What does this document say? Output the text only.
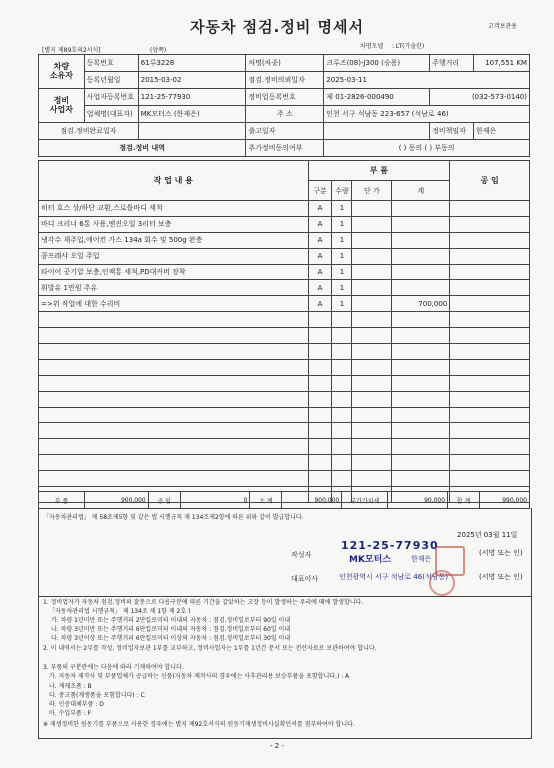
고객보관용
자동차 점검.정비 명세서
[별지 제89호의2서식]	(앞쪽)
차명모델 : LT(가솔린)
차량
소유자	등록번호	61루3228	차명(차종)	크루즈(08)-J300 (승용)	주행거리	107,551 KM
	등록년월일	2015-03-02	점검.정비의뢰일자	2025-03-11		
정비
사업자	사업자등록번호	121-25-77930	정비업등록번호	제 01-2826-000490	(032-573-0140)	
	업체명(대표자)	MK모터스 (한재은)	주 소	인천 서구 석남동 223-657 (석남로 46)		
점검.정비완료일자			출고일자		정비책임자	한재은
점검.정비 내역			추가정비동의여부	( ) 동의 ( ) 부동의		
작 업 내 용	부 품				공 임
	구분	수량	단 가	계	
히터 호스 상/하단 교환,스로틀바디 세척	A	1			
바디 크리너 6통 사용,엔진오일 3리터 보충	A	1			
냉각수 재주입,에어컨 가스 134a 회수 및 500g 완충	A	1			
콤프레샤 오일 주입	A	1			
타이어 공기압 보충,인젝통 세척,PD대커버 장착	A	1			
휘발유 1만원 주유	A	1			
=>위 작업에 대한 수리비	A	1		700,000	

부 품	900,000	공 임	0	소 계	900,000	부가가치세	90,000	합 계	990,000
「자동차관리법」 제 58조제5항 및 같은 법 시행규칙 제 134조제2항에 따른 위와 같이 발급합니다.
2025년 03월 11일
작성자
121-25-77930
MK모터스	한재은
(서명 또는 인)
대표이사	인천광역시 서구 석남로 46(석남동)	(서명 또는 인)
1. 정비업자가 자동차 점검.정비의 잘못으로 다음구분에 따른 기간을 같았하는 고장 등이 발생하는 우리에 때에 발생합니다.
「자동차관리법 시행규칙」 제 134조 제 1항 제 2호 )
가. 차령 1년미만 또는 주행거리 2만킬로미터 이내의 자동차 : 점검.정비일로부터 90일 이내
나. 차령 3년미만 또는 주행거리 6만킬로미터 이내의 자동차 : 점검.정비일로부터 60일 이내
다. 차령 3년이상 또는 주행거리 6만킬로미터 이상의 자동차 : 점검.정비일로부터 30일 이내
2. 이 내역서는 2부를 작성, 정비업자보관 1부를 교부하고, 정비사업자는 1부를 1년간 문서 또는 전산자료로 보관하여야 합니다.
3. 부품의 구분란에는 다음에 따라 기재하여야 합니다.
가. 자동차 제작사 및 부품업체가 공급하는 신품(자동차 제작사의 경우에는 사후관리용 보승부품을 포함합니다.) : A
나. 재제조품 : B
다. 중고품(재생품을 포함합니다) : C
라. 인증대체부품 : D
마. 수입부품 : F
※ 재생정비한 원동기를 부품으로 사용한 경우에는 별지 제92호서식의 원동기재생정비사실확인서를 첨부하여야 합니다.
- 2 -
